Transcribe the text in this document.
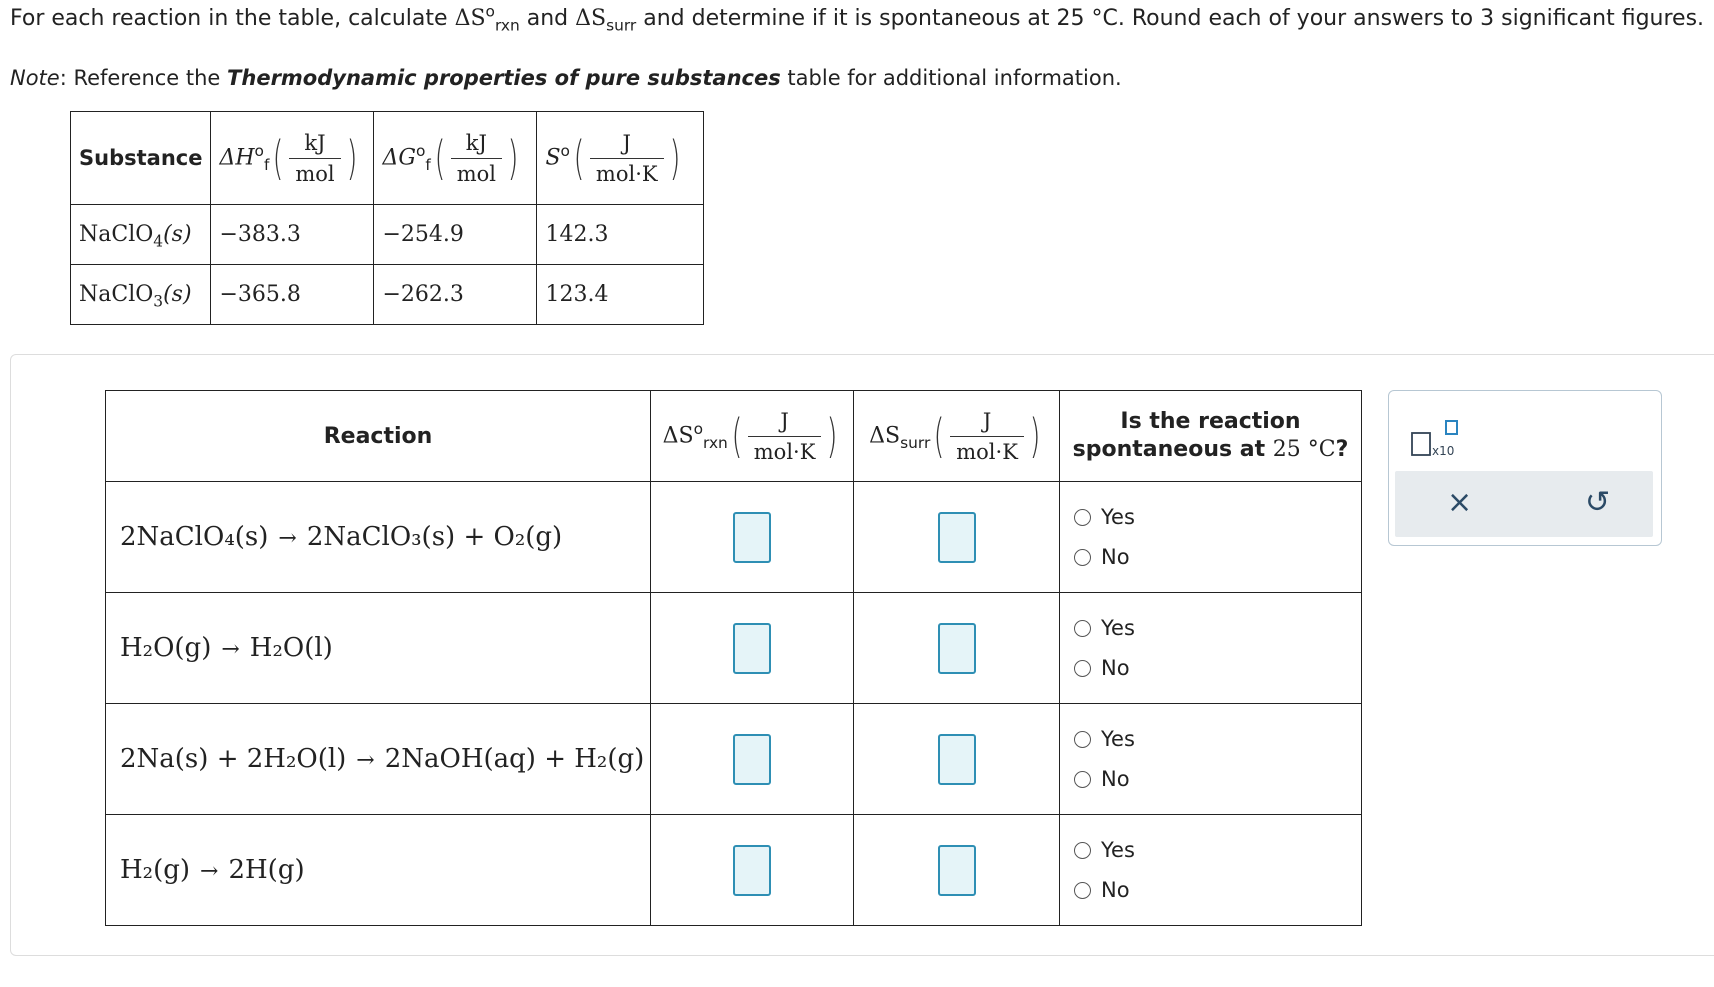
For each reaction in the table, calculate $\Delta S^o_{rxn}$ and $\Delta S_{surr}$ and determine if it is spontaneous at 25 °C. Round each of your answers to 3 significant figures.
Note: Reference the Thermodynamic properties of pure substances table for additional information.
Substance	$\Delta H^o_f( \frac{kJ}{\text{mol}}$ )	$\Delta G^o_f( \frac{kJ}{\text{mol}}$ )	$S^o( \frac{J}{\text{mol·K}}$ )
NaClO$_4$(s)	−383.3	−254.9	142.3
NaClO$_3$(s)	−365.8	−262.3	123.4
Reaction	$\Delta S^o_{rxn}( \frac{J}{\text{mol·K}}$ )	$\Delta S_{surr}( \frac{J}{\text{mol·K}}$ )	Is the reaction
spontaneous at 25 °C?
2NaClO₄(s) → 2NaClO₃(s) + O₂(g)			Yes
No

H₂O(g) → H₂O(l)			Yes
No

2Na(s) + 2H₂O(l) → 2NaOH(aq) + H₂(g)			Yes
No

H₂(g) → 2H(g)			Yes
No
x10
×	↺
